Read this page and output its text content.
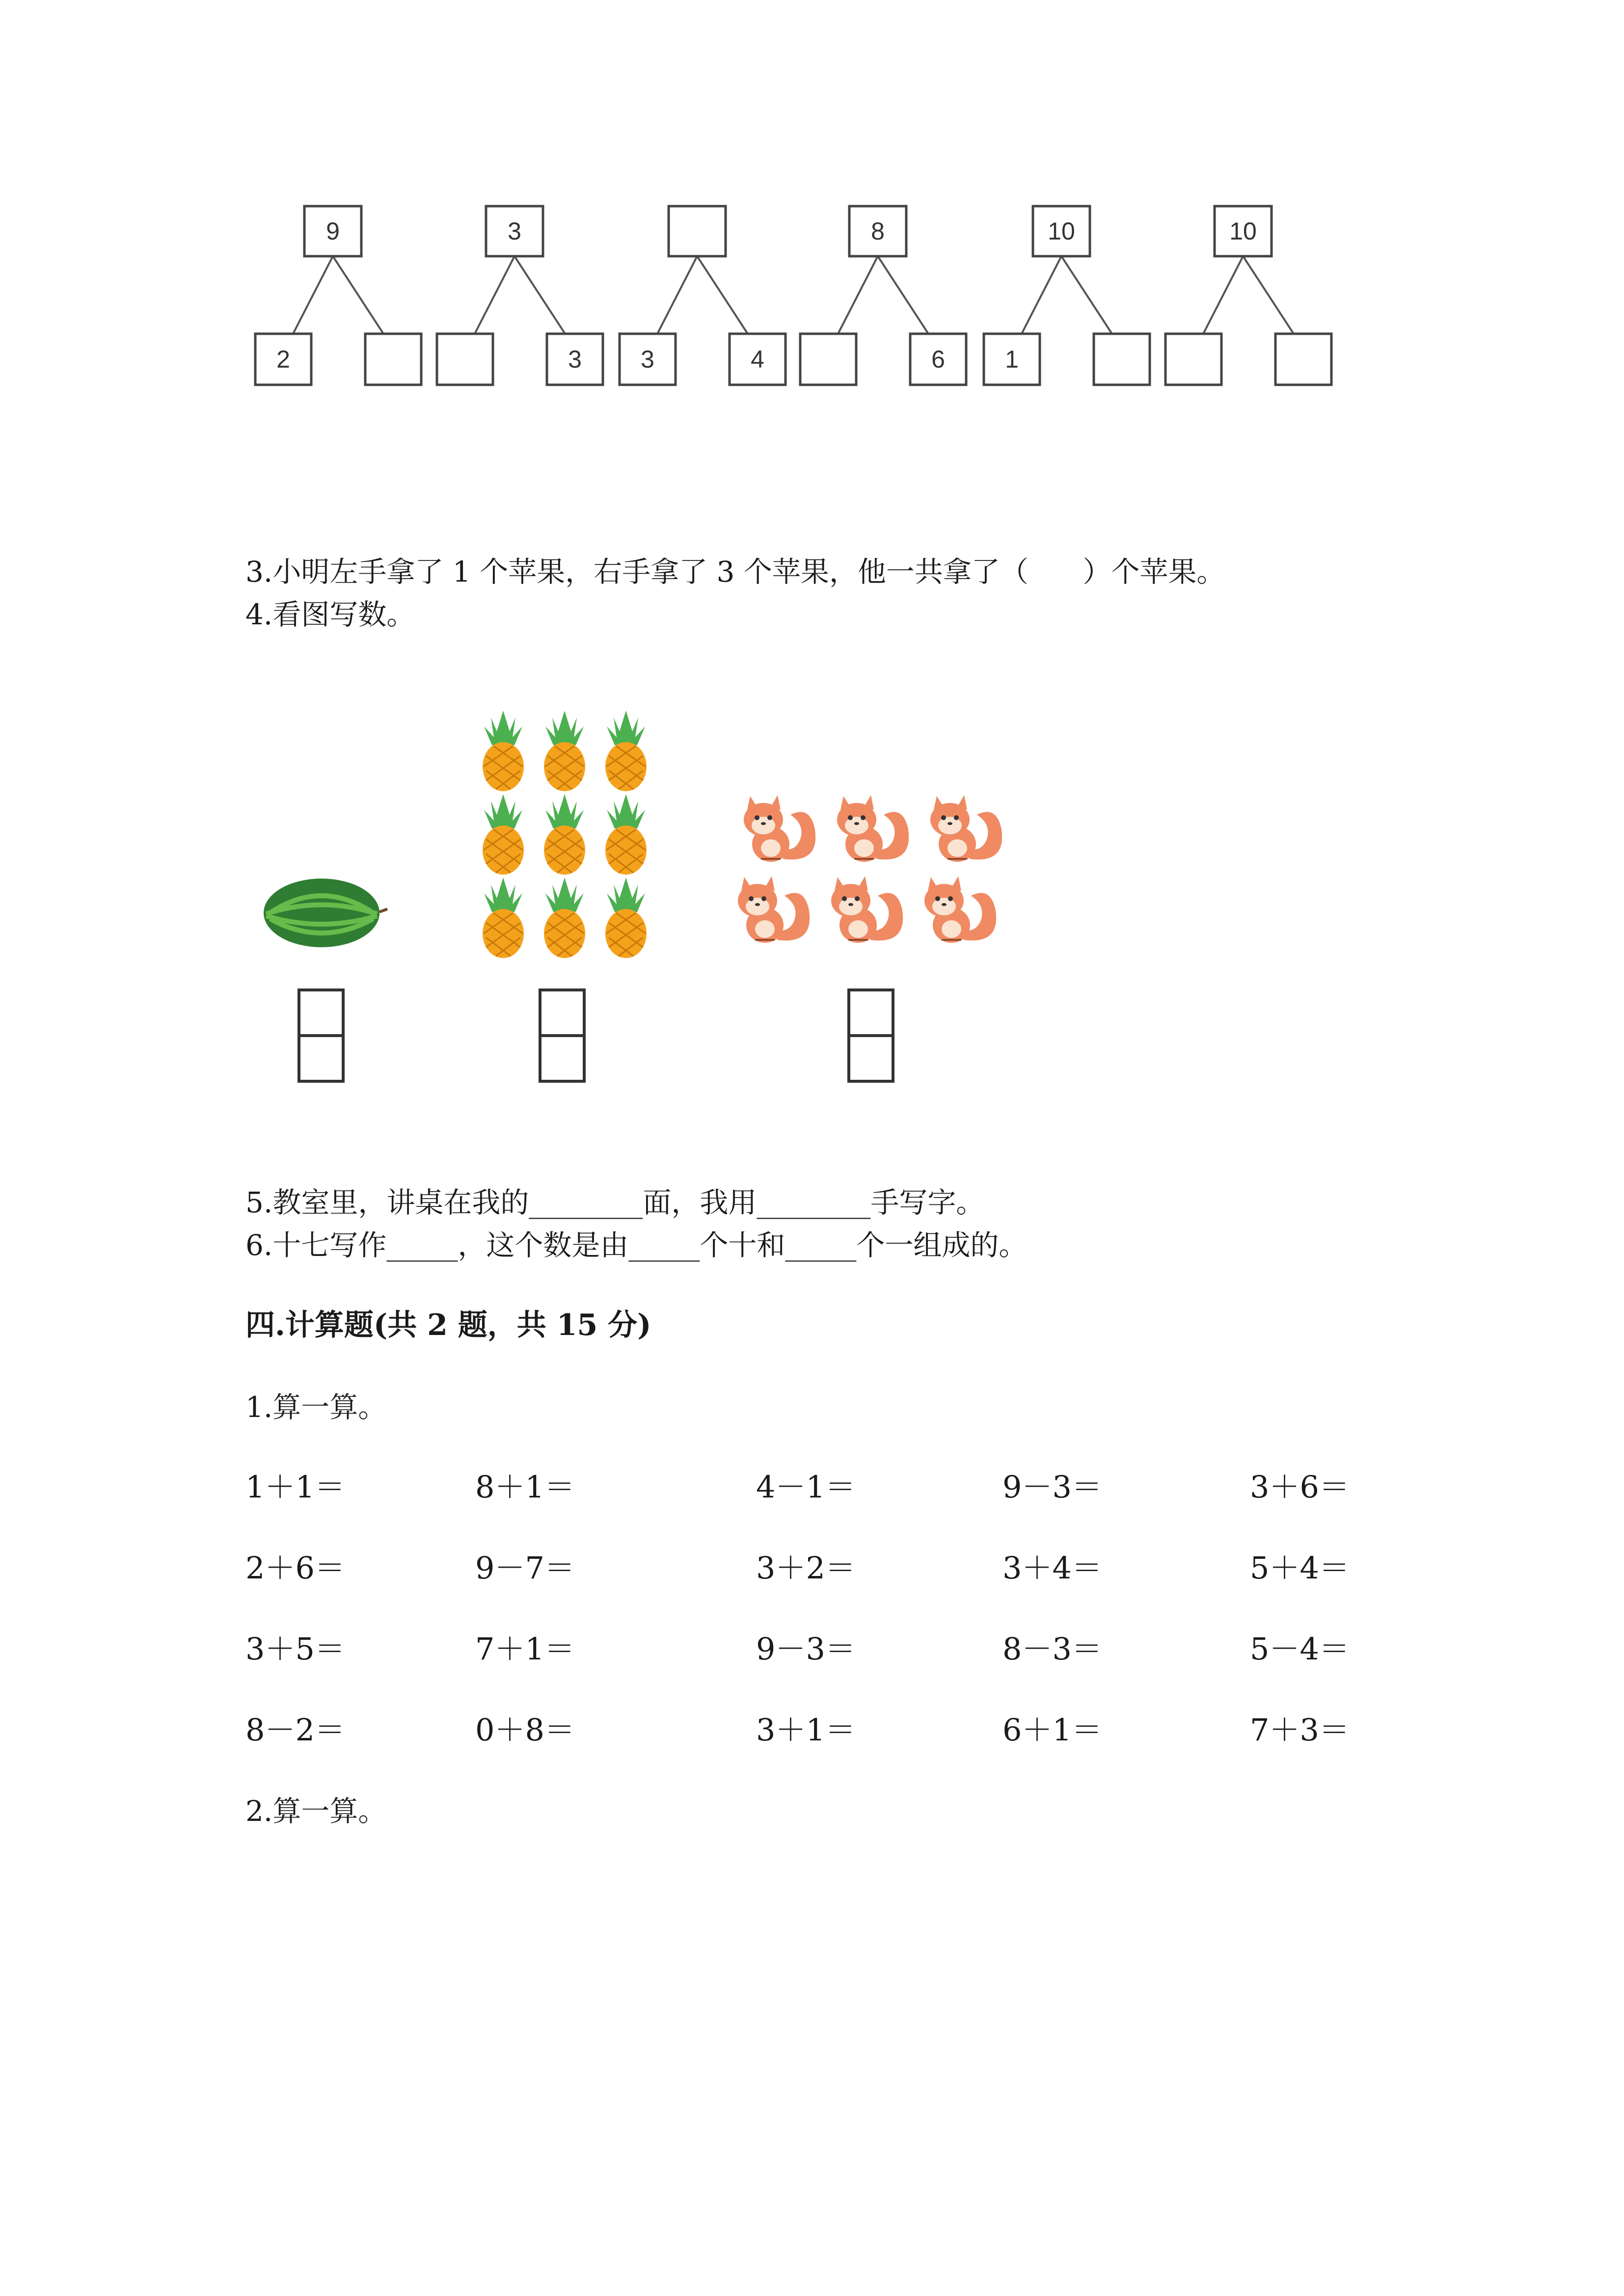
9
2
3
3 3	4
8
6
10
1
10
3.小明左手拿了 1 个苹果，右手拿了 3 个苹果，他一共拿了（      ）个苹果。
4.看图写数。
5.教室里，讲桌在我的________面，我用________手写字。
6.十七写作_____，这个数是由_____个十和_____个一组成的。
四.计算题(共 2 题，共 15 分)
1.算一算。
1＋1＝	8＋1＝	4－1＝	9－3＝	3＋6＝
2＋6＝	9－7＝	3＋2＝	3＋4＝	5＋4＝
3＋5＝	7＋1＝	9－3＝	8－3＝	5－4＝
8－2＝	0＋8＝	3＋1＝	6＋1＝	7＋3＝
2.算一算。
